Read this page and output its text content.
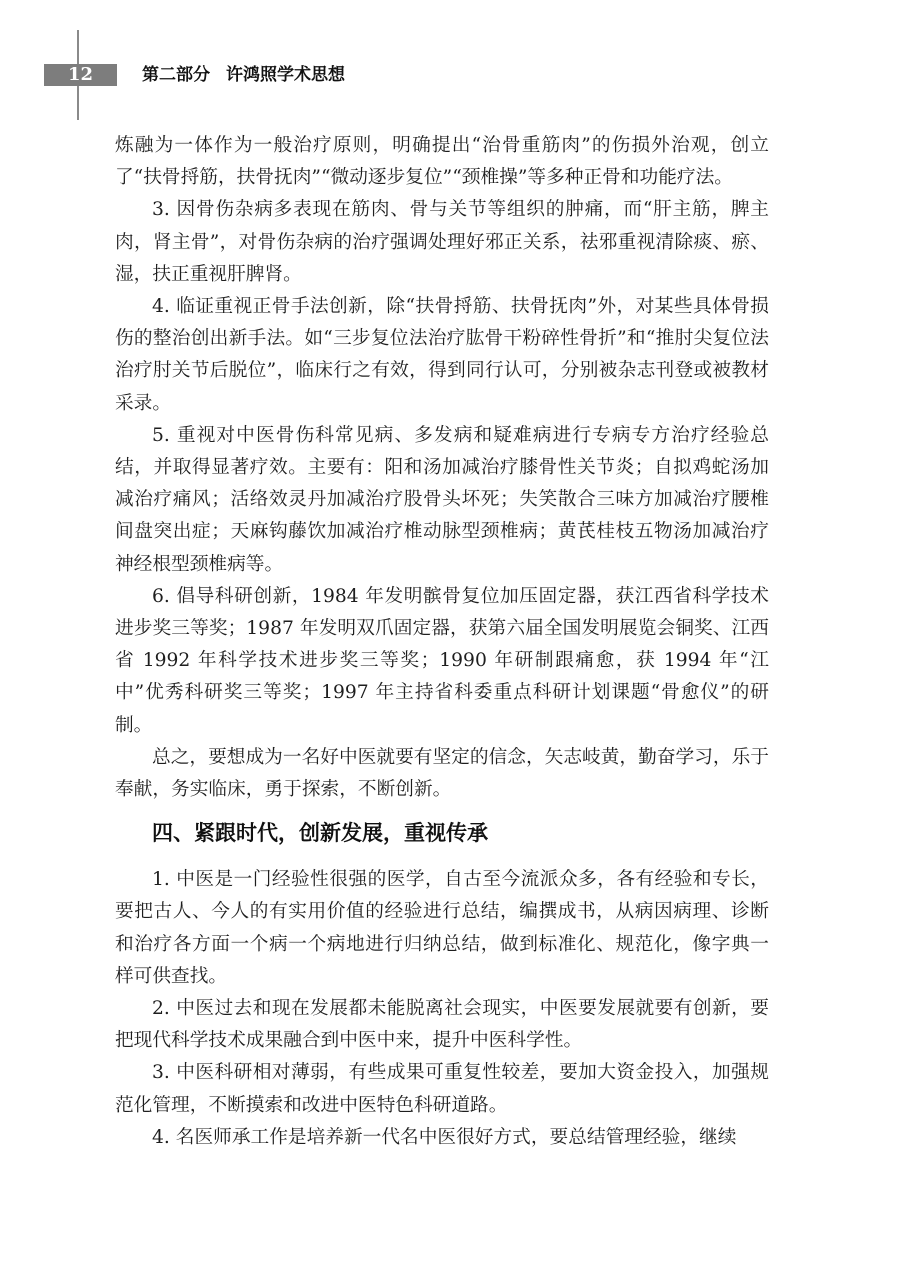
12	第二部分 许鸿照学术思想

炼融为一体作为一般治疗原则，明确提出“治骨重筋肉”的伤损外治观，创立了“扶骨捋筋，扶骨抚肉”“微动逐步复位”“颈椎操”等多种正骨和功能疗法。

3. 因骨伤杂病多表现在筋肉、骨与关节等组织的肿痛，而“肝主筋，脾主肉，肾主骨”，对骨伤杂病的治疗强调处理好邪正关系，祛邪重视清除痰、瘀、湿，扶正重视肝脾肾。

4. 临证重视正骨手法创新，除“扶骨捋筋、扶骨抚肉”外，对某些具体骨损伤的整治创出新手法。如“三步复位法治疗肱骨干粉碎性骨折”和“推肘尖复位法治疗肘关节后脱位”，临床行之有效，得到同行认可，分别被杂志刊登或被教材采录。

5. 重视对中医骨伤科常见病、多发病和疑难病进行专病专方治疗经验总结，并取得显著疗效。主要有：阳和汤加减治疗膝骨性关节炎；自拟鸡蛇汤加减治疗痛风；活络效灵丹加减治疗股骨头坏死；失笑散合三味方加减治疗腰椎间盘突出症；天麻钩藤饮加减治疗椎动脉型颈椎病；黄芪桂枝五物汤加减治疗神经根型颈椎病等。

6. 倡导科研创新，1984 年发明髌骨复位加压固定器，获江西省科学技术进步奖三等奖；1987 年发明双爪固定器，获第六届全国发明展览会铜奖、江西省 1992 年科学技术进步奖三等奖；1990 年研制跟痛愈，获 1994 年“江中”优秀科研奖三等奖；1997 年主持省科委重点科研计划课题“骨愈仪”的研制。

总之，要想成为一名好中医就要有坚定的信念，矢志岐黄，勤奋学习，乐于奉献，务实临床，勇于探索，不断创新。

四、紧跟时代，创新发展，重视传承

1. 中医是一门经验性很强的医学，自古至今流派众多，各有经验和专长，要把古人、今人的有实用价值的经验进行总结，编撰成书，从病因病理、诊断和治疗各方面一个病一个病地进行归纳总结，做到标准化、规范化，像字典一样可供查找。

2. 中医过去和现在发展都未能脱离社会现实，中医要发展就要有创新，要把现代科学技术成果融合到中医中来，提升中医科学性。

3. 中医科研相对薄弱，有些成果可重复性较差，要加大资金投入，加强规范化管理，不断摸索和改进中医特色科研道路。

4. 名医师承工作是培养新一代名中医很好方式，要总结管理经验，继续
